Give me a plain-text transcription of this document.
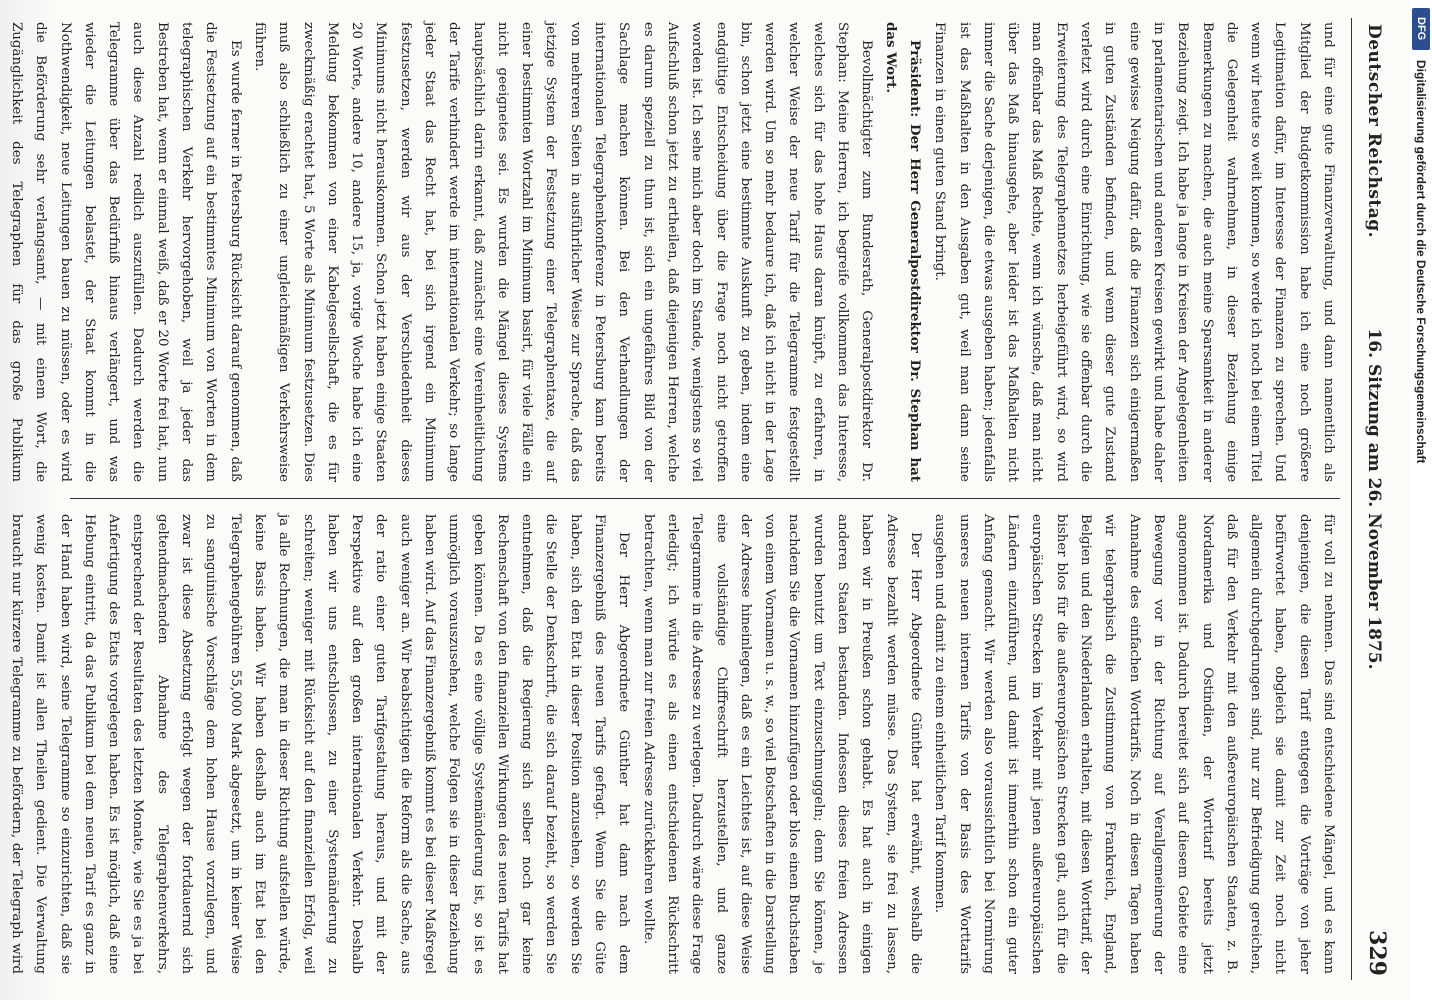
Deutscher Reichstag.
16. Sitzung am 26. November 1875.
329

und für eine gute Finanzverwaltung, und dann namentlich als Mitglied der Budgetkommission habe ich eine noch größere Legitimation dafür, im Interesse der Finanzen zu sprechen. Und wenn wir heute so weit kommen, so werde ich noch bei einem Titel die Gelegenheit wahrnehmen, in dieser Beziehung einige Bemerkungen zu machen, die auch meine Sparsamkeit in anderer Beziehung zeigt. Ich habe ja lange in Kreisen der Angelegenheiten in parlamentarischen und anderen Kreisen gewirkt und habe daher eine gewisse Neigung dafür, daß die Finanzen sich einigermaßen in guten Zuständen befinden, und wenn dieser gute Zustand verletzt wird durch eine Einrichtung, wie sie offenbar durch die Erweiterung des Telegraphennetzes herbeigeführt wird, so wird man offenbar das Maß Rechte, wenn ich wünsche, daß man nicht über das Maß hinausgehe, aber leider ist das Maßhalten nicht immer die Sache derjenigen, die etwas ausgeben haben; jedenfalls ist das Maßhalten in den Ausgaben gut, weil man dann seine Finanzen in einen guten Stand bringt.

Präsident: Der Herr Generalpostdirektor Dr. Stephan hat das Wort.

Bevollmächtigter zum Bundesrath, Generalpostdirektor Dr. Stephan: Meine Herren, ich begreife vollkommen das Interesse, welches sich für das hohe Haus daran knüpft, zu erfahren, in welcher Weise der neue Tarif für die Telegramme festgestellt werden wird. Um so mehr bedaure ich, daß ich nicht in der Lage bin, schon jetzt eine bestimmte Auskunft zu geben, indem eine endgültige Entscheidung über die Frage noch nicht getroffen worden ist. Ich sehe mich aber doch im Stande, wenigstens so viel Aufschluß schon jetzt zu ertheilen, daß diejenigen Herren, welche es darum speziell zu thun ist, sich ein ungefähres Bild von der Sachlage machen können. Bei den Verhandlungen der internationalen Telegraphenkonferenz in Petersburg kam bereits von mehreren Seiten in ausführlicher Weise zur Sprache, daß das jetzige System der Festsetzung einer Telegraphentaxe, die auf einer bestimmten Wortzahl im Minimum basirt, für viele Fälle ein nicht geeignetes sei. Es wurden die Mängel dieses Systems hauptsächlich darin erkannt, daß zunächst eine Vereinheitlichung der Tarife verhindert werde im internationalen Verkehr; so lange jeder Staat das Recht hat, bei sich irgend ein Minimum festzusetzen, werden wir aus der Verschiedenheit dieses Minimums nicht herauskommen. Schon jetzt haben einige Staaten 20 Worte, andere 10, andere 15, ja, vorige Woche habe ich eine Meldung bekommen von einer Kabelgesellschaft, die es für zweckmäßig erachtet hat, 5 Worte als Minimum festzusetzen. Dies muß also schließlich zu einer ungleichmäßigen Verkehrsweise führen.

Es wurde ferner in Petersburg Rücksicht darauf genommen, daß die Festsetzung auf ein bestimmtes Minimum von Worten in dem telegraphischen Verkehr hervorgehoben, weil ja jeder das Bestreben hat, wenn er einmal weiß, daß er 20 Worte frei hat, nun auch diese Anzahl redlich auszufüllen. Dadurch werden die Telegramme über das Bedürfniß hinaus verlängert, und was wieder die Leitungen belastet, der Staat kommt in die Nothwendigkeit, neue Leitungen bauen zu müssen, oder es wird die Beförderung sehr verlangsamt, — mit einem Wort, die Zugänglichkeit des Telegraphen für das große Publikum

für voll zu nehmen. Das sind entschiedene Mängel, und es kann denjenigen, die diesen Tarif entgegen die Vorträge von jeher befürwortet haben, obgleich sie damit zur Zeit noch nicht allgemein durchgedrungen sind, nur zur Befriedigung gereichen, daß für den Verkehr mit den außereuropäischen Staaten, z. B. Nordamerika und Ostindien, der Worttarif bereits jetzt angenommen ist. Dadurch bereitet sich auf diesem Gebiete eine Bewegung vor in der Richtung auf Verallgemeinerung der Annahme des einfachen Worttarifs. Noch in diesen Tagen haben wir telegraphisch die Zustimmung von Frankreich, England, Belgien und den Niederlanden erhalten, mit diesen Worttarif, der bisher blos für die außereuropäischen Strecken galt, auch für die europäischen Strecken im Verkehr mit jenen außereuropäischen Ländern einzuführen, und damit ist immerhin schon ein guter Anfang gemacht. Wir werden also voraussichtlich bei Normirung unseres neuen internen Tarifs von der Basis des Worttarifs ausgehen und damit zu einem einheitlichen Tarif kommen.

Der Herr Abgeordnete Günther hat erwähnt, weshalb die Adresse bezahlt werden müsse. Das System, sie frei zu lassen, haben wir in Preußen schon gehabt. Es hat auch in einigen anderen Staaten bestanden. Indessen dieses freien Adressen wurden benutzt um Text einzuschmuggeln; denn Sie können, je nachdem Sie die Vornamen hinzufügen oder blos einen Buchstaben von einem Vornamen u. s. w., so viel Botschaften in die Darstellung der Adresse hineinlegen, daß es ein Leichtes ist, auf diese Weise eine vollständige Chiffreschrift herzustellen, und ganze Telegramme in die Adresse zu verlegen. Dadurch wäre diese Frage erledigt; ich würde es als einen entschiedenen Rückschritt betrachten, wenn man zur freien Adresse zurückkehren wollte.

Der Herr Abgeordnete Günther hat dann nach dem Finanzergebniß des neuen Tarifs gefragt. Wenn Sie die Güte haben, sich den Etat in dieser Position anzusehen, so werden Sie die Stelle der Denkschrift, die sich darauf bezieht, so werden Sie entnehmen, daß die Regierung sich selber noch gar keine Rechenschaft von den finanziellen Wirkungen des neuen Tarifs hat geben können. Da es eine völlige Systemänderung ist, so ist es unmöglich vorauszusehen, welche Folgen sie in dieser Beziehung haben wird. Auf das Finanzergebniß kommt es bei dieser Maßregel auch weniger an. Wir beabsichtigen die Reform als die Sache, aus der ratio einer guten Tarifgestaltung heraus, und mit der Perspektive auf den großen internationalen Verkehr. Deshalb haben wir uns entschlossen, zu einer Systemänderung zu schreiten; weniger mit Rücksicht auf den finanziellen Erfolg, weil ja alle Rechnungen, die man in dieser Richtung aufstellen würde, keine Basis haben. Wir haben deshalb auch im Etat bei den Telegraphengebühren 55,000 Mark abgesetzt, um in keiner Weise zu sanguinische Vorschläge dem hohen Hause vorzulegen, und zwar ist diese Absetzung erfolgt wegen der fortdauernd sich geltendmachenden Abnahme des Telegraphenverkehrs, entsprechend der Resultaten des letzten Monate, wie Sie es ja bei Anfertigung des Etats vorgelegen haben. Es ist möglich, daß eine Hebung eintritt, da das Publikum bei dem neuen Tarif es ganz in der Hand haben wird, seine Telegramme so einzurichten, daß sie wenig kosten. Damit ist allen Theilen gedient. Die Verwaltung braucht nur kürzere Telegramme zu befördern, der Telegraph wird

DFG
Digitalisierung gefördert durch die Deutsche Forschungsgemeinschaft
